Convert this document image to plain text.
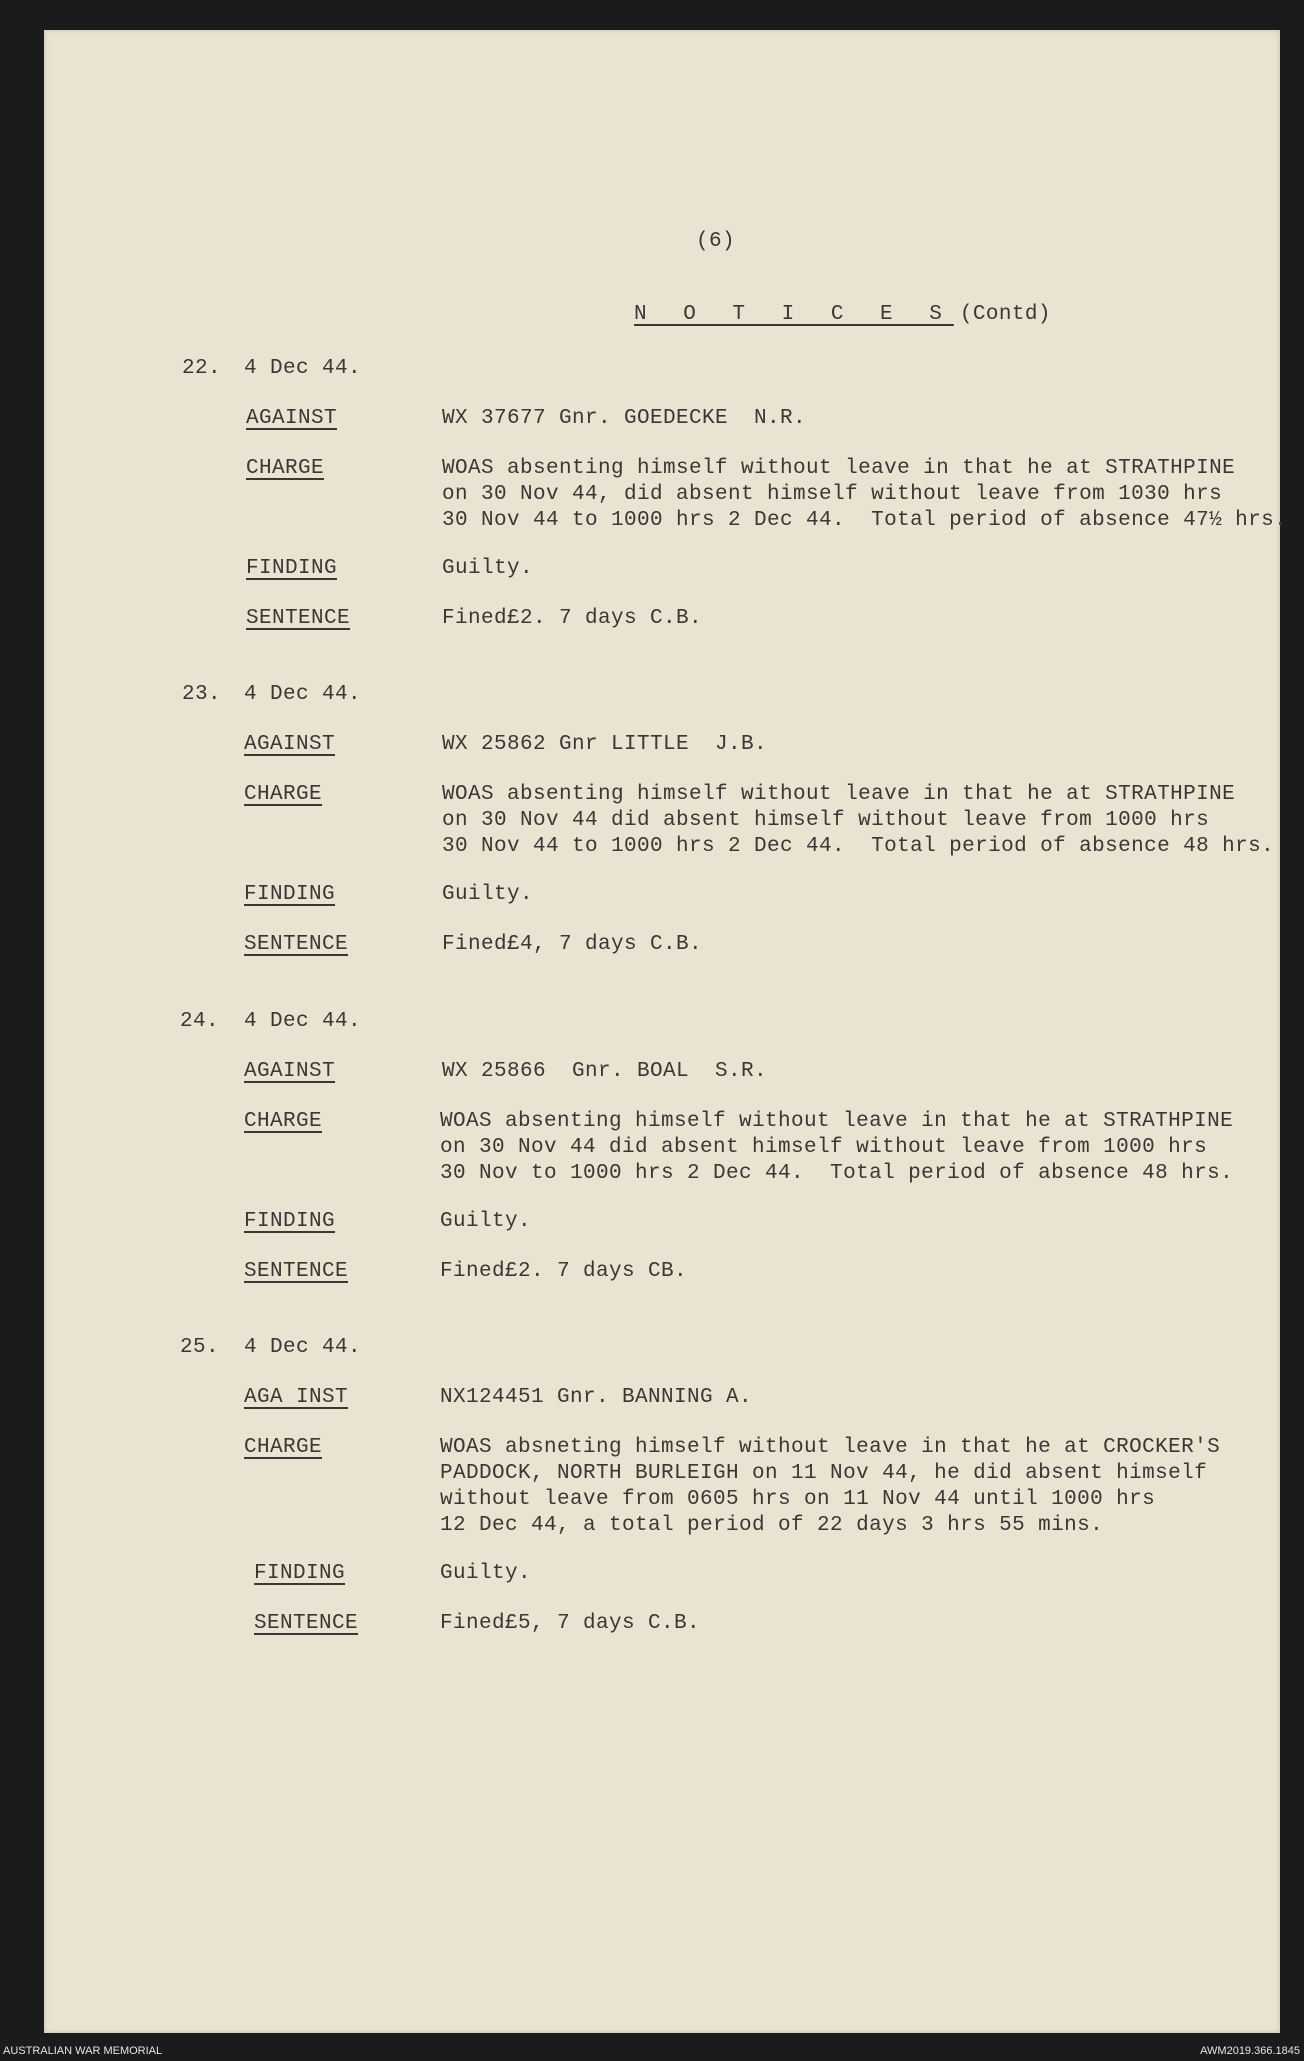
(6)

N O T I C E S (Contd)

22. 4 Dec 44.
AGAINST	WX 37677 Gnr. GOEDECKE  N.R.
CHARGE	WOAS absenting himself without leave in that he at STRATHPINE
on 30 Nov 44, did absent himself without leave from 1030 hrs
30 Nov 44 to 1000 hrs 2 Dec 44.  Total period of absence 47½ hrs.
FINDING	Guilty.
SENTENCE	Fined£2. 7 days C.B.
23. 4 Dec 44.
AGAINST	WX 25862 Gnr LITTLE  J.B.
CHARGE	WOAS absenting himself without leave in that he at STRATHPINE
on 30 Nov 44 did absent himself without leave from 1000 hrs
30 Nov 44 to 1000 hrs 2 Dec 44.  Total period of absence 48 hrs.
FINDING	Guilty.
SENTENCE	Fined£4, 7 days C.B.
24. 4 Dec 44.
AGAINST	WX 25866  Gnr. BOAL  S.R.
CHARGE	WOAS absenting himself without leave in that he at STRATHPINE
on 30 Nov 44 did absent himself without leave from 1000 hrs
30 Nov to 1000 hrs 2 Dec 44.  Total period of absence 48 hrs.
FINDING	Guilty.
SENTENCE	Fined£2. 7 days CB.
25. 4 Dec 44.
AGA INST	NX124451 Gnr. BANNING A.
CHARGE	WOAS absneting himself without leave in that he at CROCKER'S
PADDOCK, NORTH BURLEIGH on 11 Nov 44, he did absent himself
without leave from 0605 hrs on 11 Nov 44 until 1000 hrs
12 Dec 44, a total period of 22 days 3 hrs 55 mins.
FINDING	Guilty.
SENTENCE	Fined£5, 7 days C.B.
AUSTRALIAN WAR MEMORIAL	AWM2019.366.1845
